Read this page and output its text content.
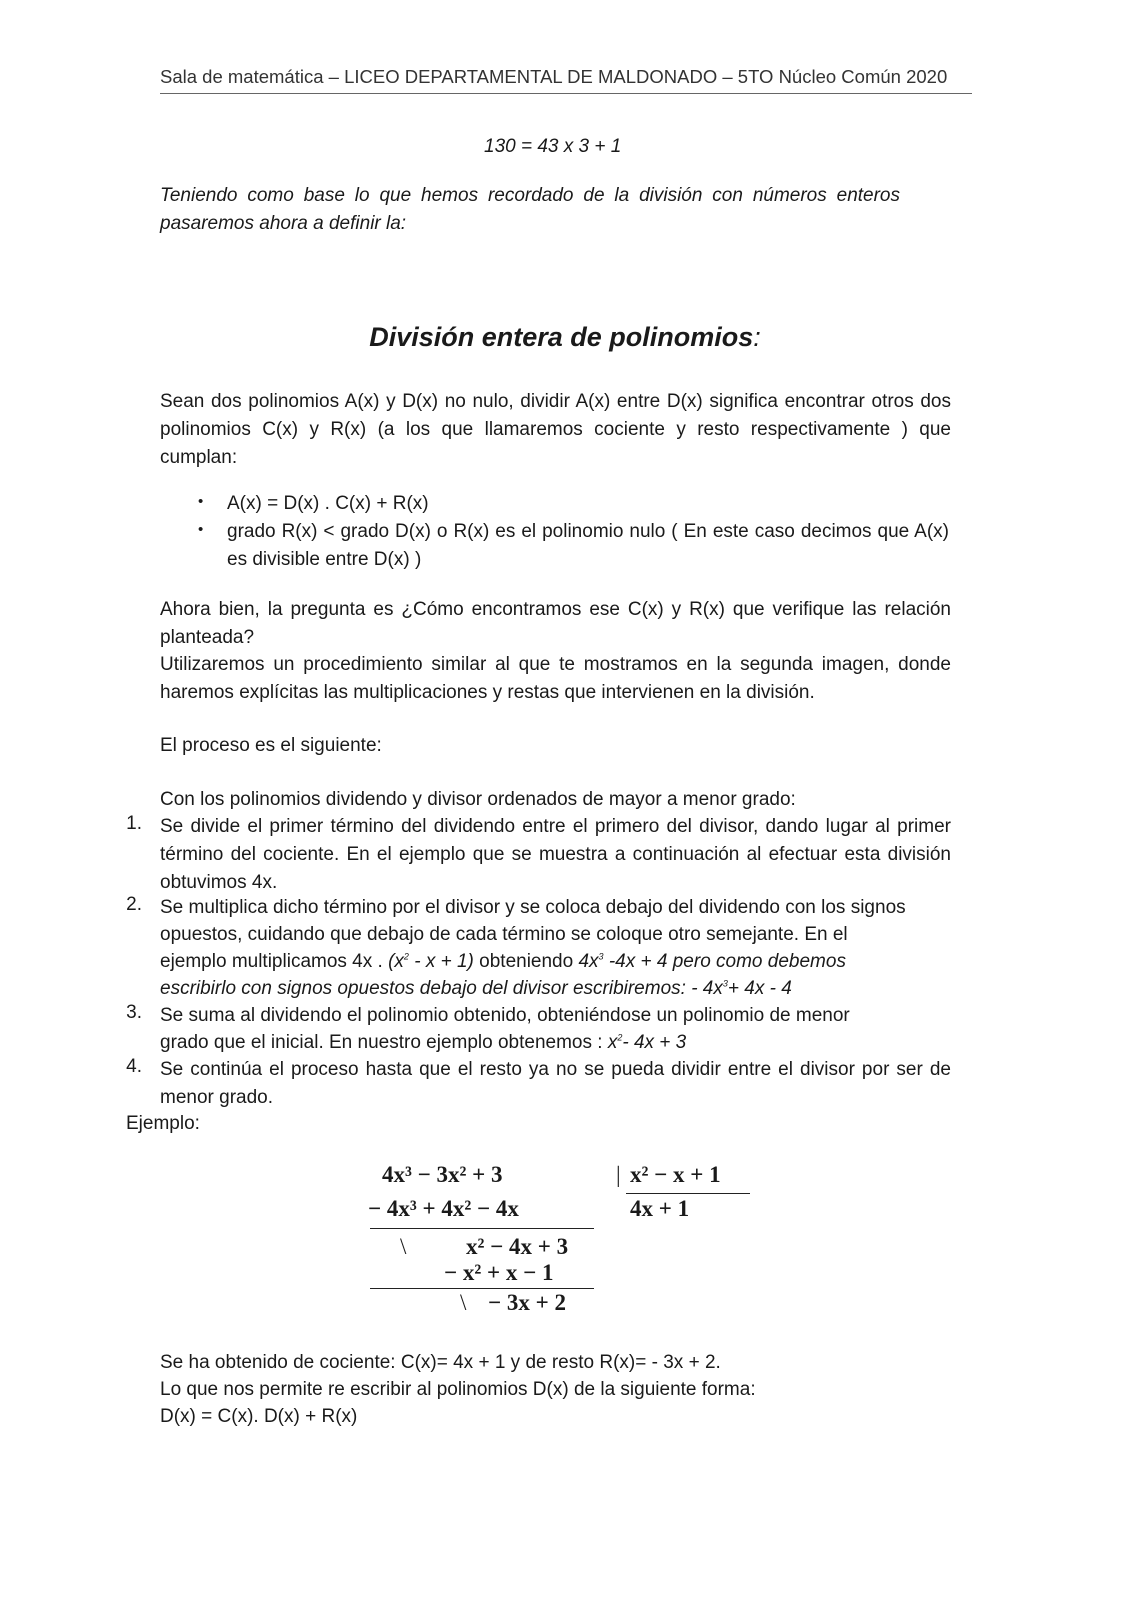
Sala de matemática – LICEO DEPARTAMENTAL DE MALDONADO – 5TO Núcleo Común 2020
130 = 43 x 3 + 1
Teniendo como base lo que hemos recordado de la división con números enteros pasaremos ahora a definir la:
División entera de polinomios:
Sean dos polinomios A(x) y D(x) no nulo, dividir A(x) entre D(x) significa encontrar otros dos polinomios C(x) y R(x) (a los que llamaremos cociente y resto respectivamente ) que cumplan:
• A(x) = D(x) . C(x) + R(x)
• grado R(x) < grado D(x) o R(x) es el polinomio nulo ( En este caso decimos que A(x) es divisible entre D(x) )
Ahora bien, la pregunta es ¿Cómo encontramos ese C(x) y R(x) que verifique las relación planteada?
Utilizaremos un procedimiento similar al que te mostramos en la segunda imagen, donde haremos explícitas las multiplicaciones y restas que intervienen en la división.
El proceso es el siguiente:
Con los polinomios dividendo y divisor ordenados de mayor a menor grado:
1. Se divide el primer término del dividendo entre el primero del divisor, dando lugar al primer término del cociente. En el ejemplo que se muestra a continuación al efectuar esta división obtuvimos 4x.
2. Se multiplica dicho término por el divisor y se coloca debajo del dividendo con los signos
opuestos, cuidando que debajo de cada término se coloque otro semejante. En el
ejemplo multiplicamos 4x . $(x^2 - x + 1)$ obteniendo $4x^3$ -4x + 4 pero como debemos
escribirlo con signos opuestos debajo del divisor escribiremos: - $4x^3+ 4x - 4$
3. Se suma al dividendo el polinomio obtenido, obteniéndose un polinomio de menor
grado que el inicial. En nuestro ejemplo obtenemos : $x^2-$ 4x + 3
4. Se continúa el proceso hasta que el resto ya no se pueda dividir entre el divisor por ser de menor grado.
Ejemplo:
4x³ − 3x² + 3	| x² − x + 1
− 4x³ + 4x² − 4x	4x + 1
\	x² − 4x + 3
− x² + x − 1
\ − 3x + 2
Se ha obtenido de cociente: C(x)= 4x + 1 y de resto R(x)= - 3x + 2.
Lo que nos permite re escribir al polinomios D(x) de la siguiente forma:
D(x) = C(x). D(x) + R(x)
